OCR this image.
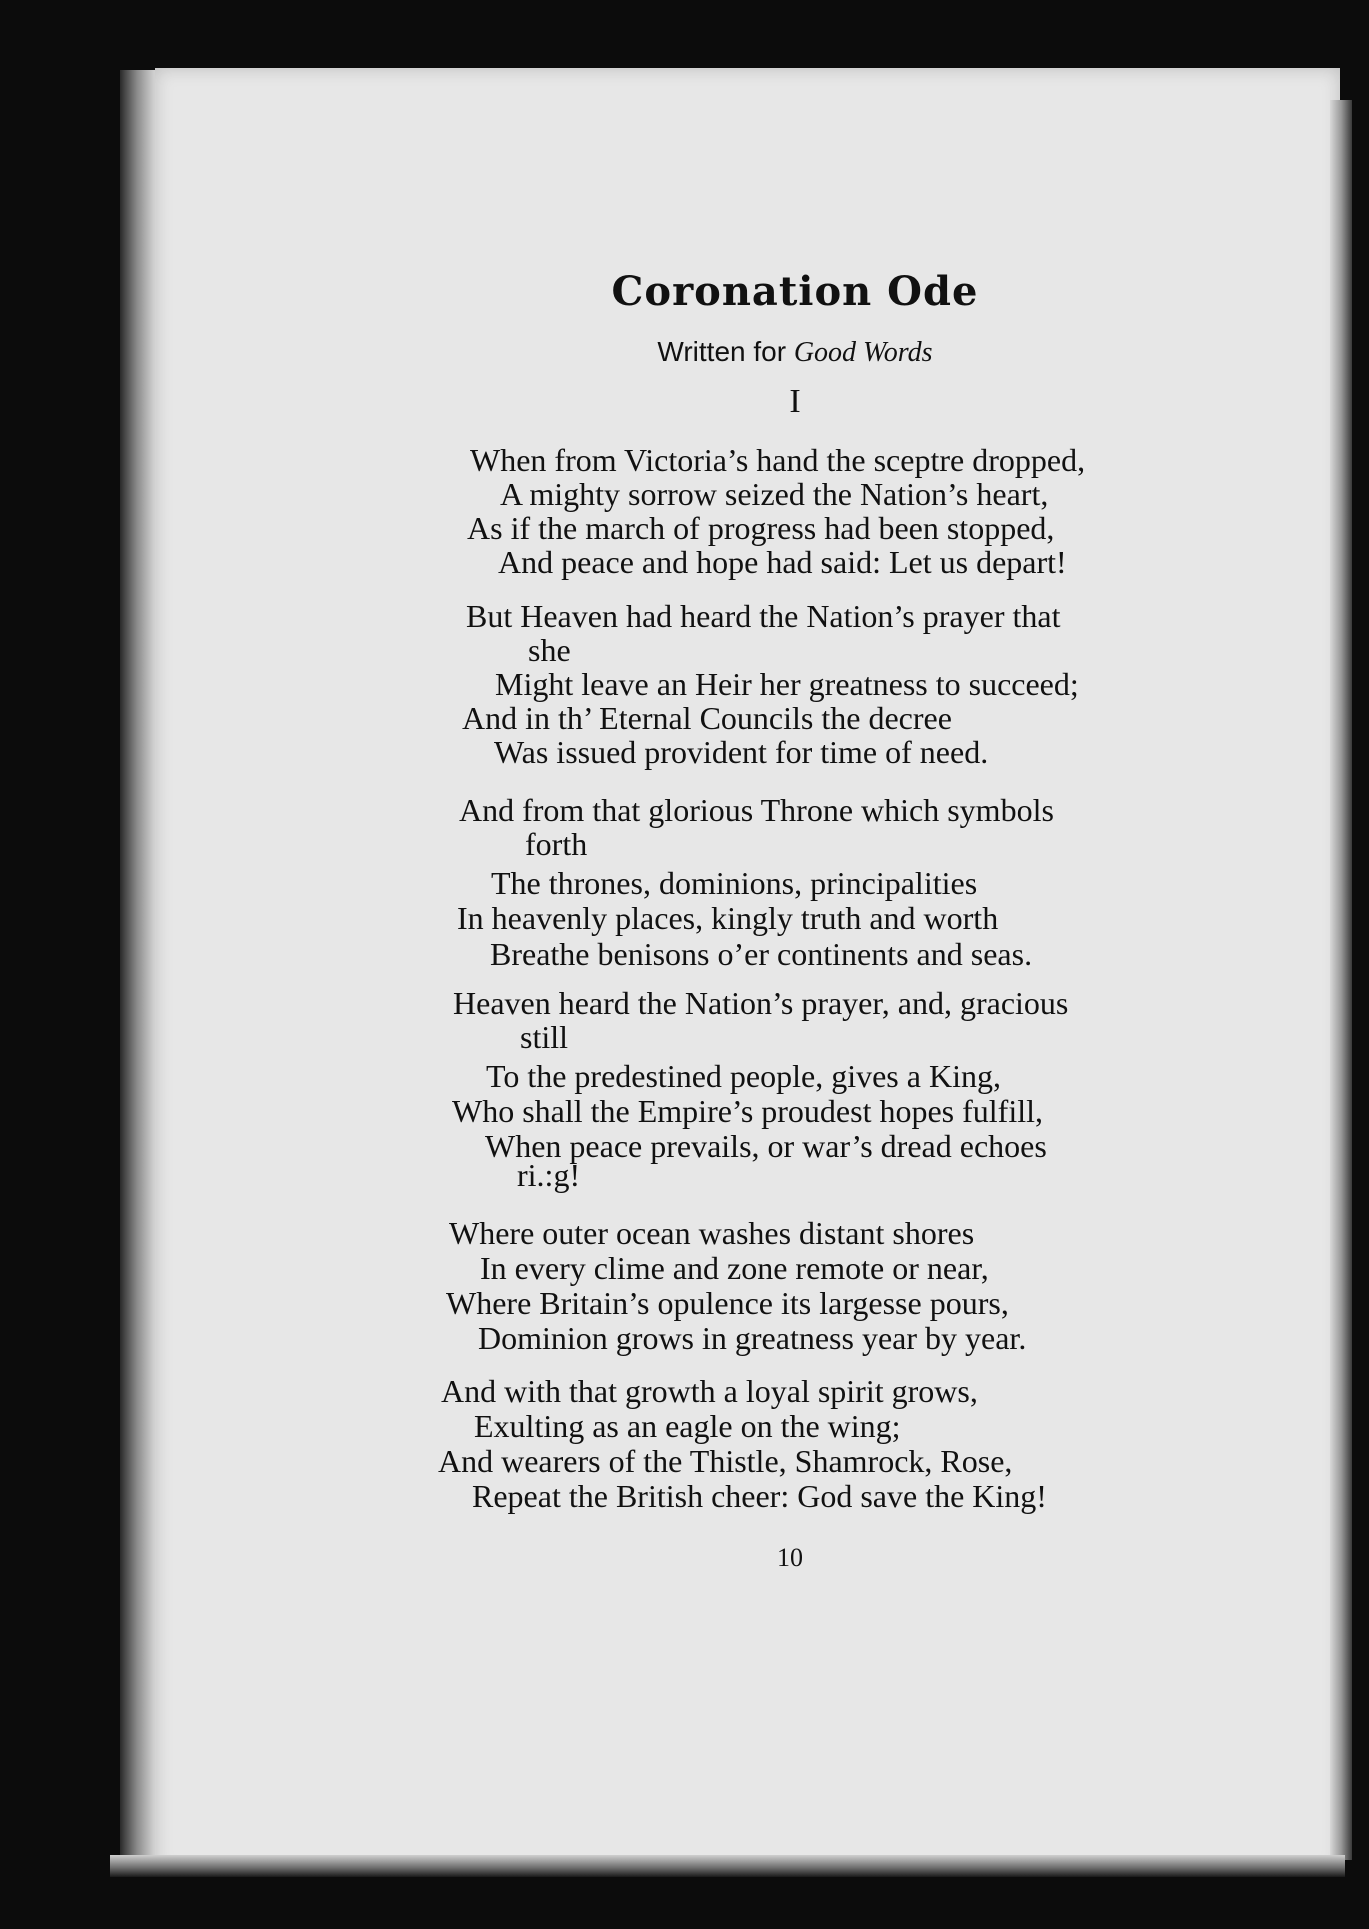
Coronation Ode
Written for Good Words
I
When from Victoria’s hand the sceptre dropped,
A mighty sorrow seized the Nation’s heart,
As if the march of progress had been stopped,
And peace and hope had said: Let us depart!
But Heaven had heard the Nation’s prayer that
she
Might leave an Heir her greatness to succeed;
And in th’ Eternal Councils the decree
Was issued provident for time of need.
And from that glorious Throne which symbols
forth
The thrones, dominions, principalities
In heavenly places, kingly truth and worth
Breathe benisons o’er continents and seas.
Heaven heard the Nation’s prayer, and, gracious
still
To the predestined people, gives a King,
Who shall the Empire’s proudest hopes fulfill,
When peace prevails, or war’s dread echoes
ri.:g!
Where outer ocean washes distant shores
In every clime and zone remote or near,
Where Britain’s opulence its largesse pours,
Dominion grows in greatness year by year.
And with that growth a loyal spirit grows,
Exulting as an eagle on the wing;
And wearers of the Thistle, Shamrock, Rose,
Repeat the British cheer: God save the King!
10
